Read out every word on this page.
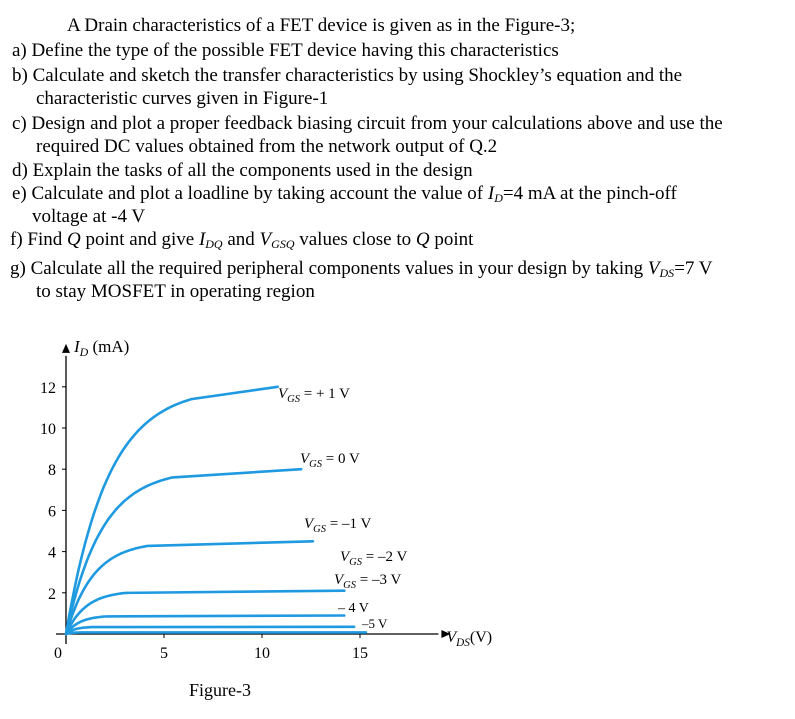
A Drain characteristics of a FET device is given as in the Figure-3;
a) Define the type of the possible FET device having this characteristics
b) Calculate and sketch the transfer characteristics by using Shockley’s equation and the
characteristic curves given in Figure-1
c) Design and plot a proper feedback biasing circuit from your calculations above and use the
required DC values obtained from the network output of Q.2
d) Explain the tasks of all the components used in the design
e) Calculate and plot a loadline by taking account the value of $I_D=4$ mA at the pinch-off
voltage at -4 V
f) Find Q point and give $I_{DQ}$ and $V_{GSQ}$ values close to Q point
g) Calculate all the required peripheral components values in your design by taking $V_{DS}=7$ V
to stay MOSFET in operating region
2
4
6
8
10
12
0	5	10	15
$I_D$ (mA)
$V_{DS}(V)$
Figure-3
$V_{GS}$ = + 1 V
$V_{GS} = 0$ V
$V_{GS} = -1$ V
$V_{GS} = -2$ V
$V_{GS} = -3$ V
– 4 V
–5 V
